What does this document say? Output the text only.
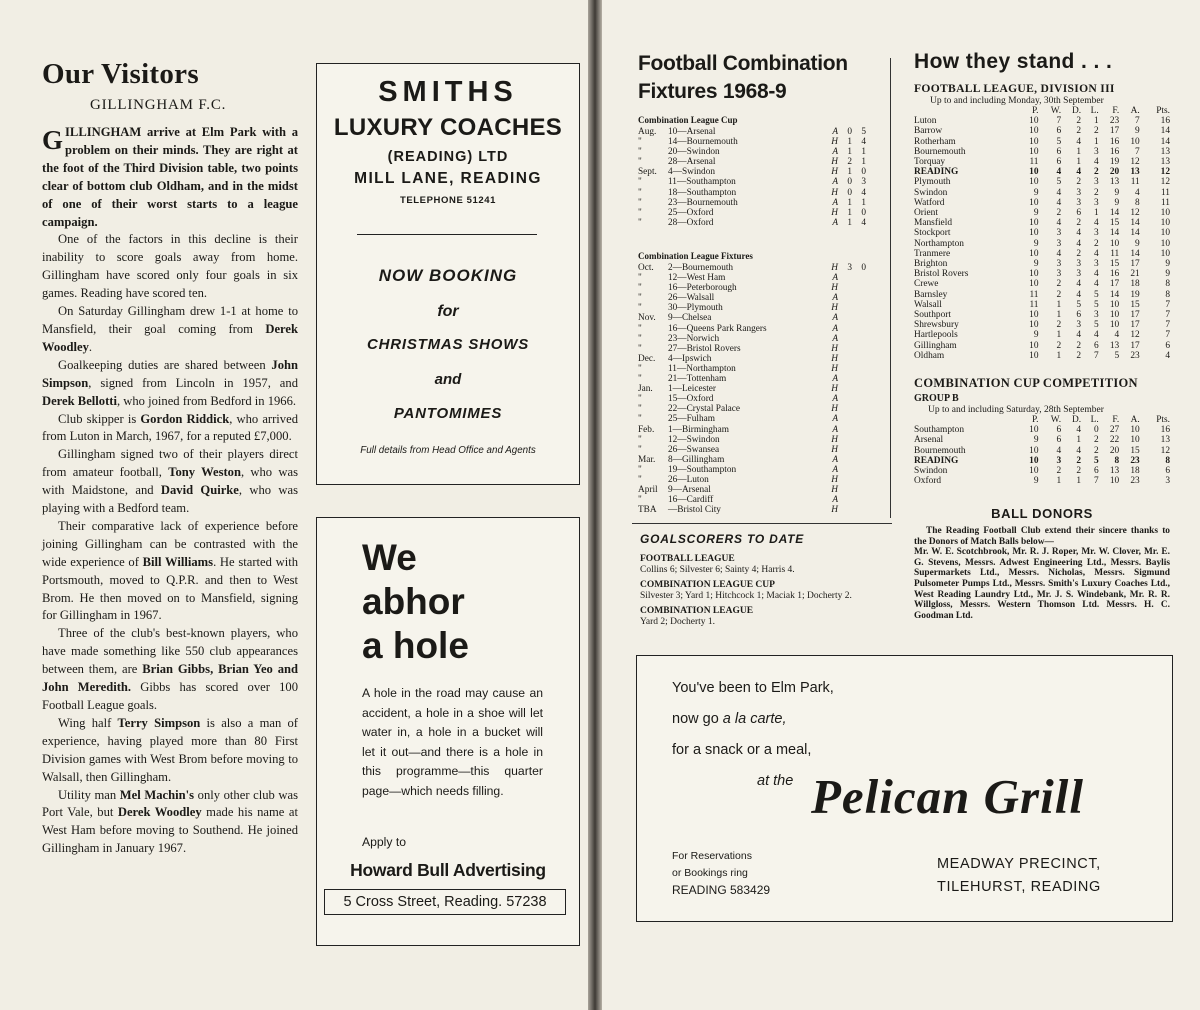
Our Visitors
GILLINGHAM F.C.

GILLINGHAM arrive at Elm Park with a problem on their minds. They are right at the foot of the Third Division table, two points clear of bottom club Oldham, and in the midst of one of their worst starts to a league campaign.

One of the factors in this decline is their inability to score goals away from home. Gillingham have scored only four goals in six games. Reading have scored ten.

On Saturday Gillingham drew 1-1 at home to Mansfield, their goal coming from Derek Woodley.

Goalkeeping duties are shared between John Simpson, signed from Lincoln in 1957, and Derek Bellotti, who joined from Bedford in 1966.

Club skipper is Gordon Riddick, who arrived from Luton in March, 1967, for a reputed £7,000.

Gillingham signed two of their players direct from amateur football, Tony Weston, who was with Maidstone, and David Quirke, who was playing with a Bedford team.

Their comparative lack of experience before joining Gillingham can be contrasted with the wide experience of Bill Williams. He started with Portsmouth, moved to Q.P.R. and then to West Brom. He then moved on to Mansfield, signing for Gillingham in 1967.

Three of the club's best-known players, who have made something like 550 club appearances between them, are Brian Gibbs, Brian Yeo and John Meredith. Gibbs has scored over 100 Football League goals.

Wing half Terry Simpson is also a man of experience, having played more than 80 First Division games with West Brom before moving to Walsall, then Gillingham.

Utility man Mel Machin's only other club was Port Vale, but Derek Woodley made his name at West Ham before moving to Southend. He joined Gillingham in January 1967.

SMITHS
LUXURY COACHES
(READING) LTD
MILL LANE, READING
TELEPHONE 51241
NOW BOOKING
for
CHRISTMAS SHOWS
and
PANTOMIMES
Full details from Head Office and Agents
We
abhor
a hole
A hole in the road may cause an accident, a hole in a shoe will let water in, a hole in a bucket will let it out—and there is a hole in this programme—this quarter page—which needs filling.
Apply to
Howard Bull Advertising
5 Cross Street, Reading. 57238
Football Combination
Fixtures 1968-9
Combination League Cup
Aug.	10—Arsenal	A	0	5
"	14—Bournemouth	H	1	4
"	20—Swindon	A	1	1
"	28—Arsenal	H	2	1
Sept.	4—Swindon	H	1	0
"	11—Southampton	A	0	3
"	18—Southampton	H	0	4
"	23—Bournemouth	A	1	1
"	25—Oxford	H	1	0
"	28—Oxford	A	1	4
Combination League Fixtures
Oct.	2—Bournemouth	H	3	0
"	12—West Ham	A		
"	16—Peterborough	H		
"	26—Walsall	A		
"	30—Plymouth	H		
Nov.	9—Chelsea	A		
"	16—Queens Park Rangers	A		
"	23—Norwich	A		
"	27—Bristol Rovers	H		
Dec.	4—Ipswich	H		
"	11—Northampton	H		
"	21—Tottenham	A		
Jan.	1—Leicester	H		
"	15—Oxford	A		
"	22—Crystal Palace	H		
"	25—Fulham	A		
Feb.	1—Birmingham	A		
"	12—Swindon	H		
"	26—Swansea	H		
Mar.	8—Gillingham	A		
"	19—Southampton	A		
"	26—Luton	H		
April	9—Arsenal	H		
"	16—Cardiff	A		
TBA	—Bristol City	H		
GOALSCORERS TO DATE
FOOTBALL LEAGUE
Collins 6; Silvester 6; Sainty 4; Harris 4.
COMBINATION LEAGUE CUP
Silvester 3; Yard 1; Hitchcock 1; Maciak 1; Docherty 2.
COMBINATION LEAGUE
Yard 2; Docherty 1.
How they stand . . .
FOOTBALL LEAGUE, DIVISION III
Up to and including Monday, 30th September
	P.	W.	D.	L.	F.	A.	Pts.
Luton	10	7	2	1	23	7	16
Barrow	10	6	2	2	17	9	14
Rotherham	10	5	4	1	16	10	14
Bournemouth	10	6	1	3	16	7	13
Torquay	11	6	1	4	19	12	13
READING	10	4	4	2	20	13	12
Plymouth	10	5	2	3	13	11	12
Swindon	9	4	3	2	9	4	11
Watford	10	4	3	3	9	8	11
Orient	9	2	6	1	14	12	10
Mansfield	10	4	2	4	15	14	10
Stockport	10	3	4	3	14	14	10
Northampton	9	3	4	2	10	9	10
Tranmere	10	4	2	4	11	14	10
Brighton	9	3	3	3	15	17	9
Bristol Rovers	10	3	3	4	16	21	9
Crewe	10	2	4	4	17	18	8
Barnsley	11	2	4	5	14	19	8
Walsall	11	1	5	5	10	15	7
Southport	10	1	6	3	10	17	7
Shrewsbury	10	2	3	5	10	17	7
Hartlepools	9	1	4	4	4	12	7
Gillingham	10	2	2	6	13	17	6
Oldham	10	1	2	7	5	23	4
COMBINATION CUP COMPETITION
GROUP B
Up to and including Saturday, 28th September
	P.	W.	D.	L.	F.	A.	Pts.
Southampton	10	6	4	0	27	10	16
Arsenal	9	6	1	2	22	10	13
Bournemouth	10	4	4	2	20	15	12
READING	10	3	2	5	8	23	8
Swindon	10	2	2	6	13	18	6
Oxford	9	1	1	7	10	23	3
BALL DONORS
The Reading Football Club extend their sincere thanks to the Donors of Match Balls below—
Mr. W. E. Scotchbrook, Mr. R. J. Roper, Mr. W. Clover, Mr. E. G. Stevens, Messrs. Adwest Engineering Ltd., Messrs. Baylis Supermarkets Ltd., Messrs. Nicholas, Messrs. Sigmund Pulsometer Pumps Ltd., Messrs. Smith's Luxury Coaches Ltd., West Reading Laundry Ltd., Mr. J. S. Windebank, Mr. R. R. Willgloss, Messrs. Western Thomson Ltd. Messrs. H. C. Goodman Ltd.
You've been to Elm Park,
now go a la carte,
for a snack or a meal,
at the Pelican Grill
For Reservations
or Bookings ring
READING 583429
MEADWAY PRECINCT,
TILEHURST, READING
